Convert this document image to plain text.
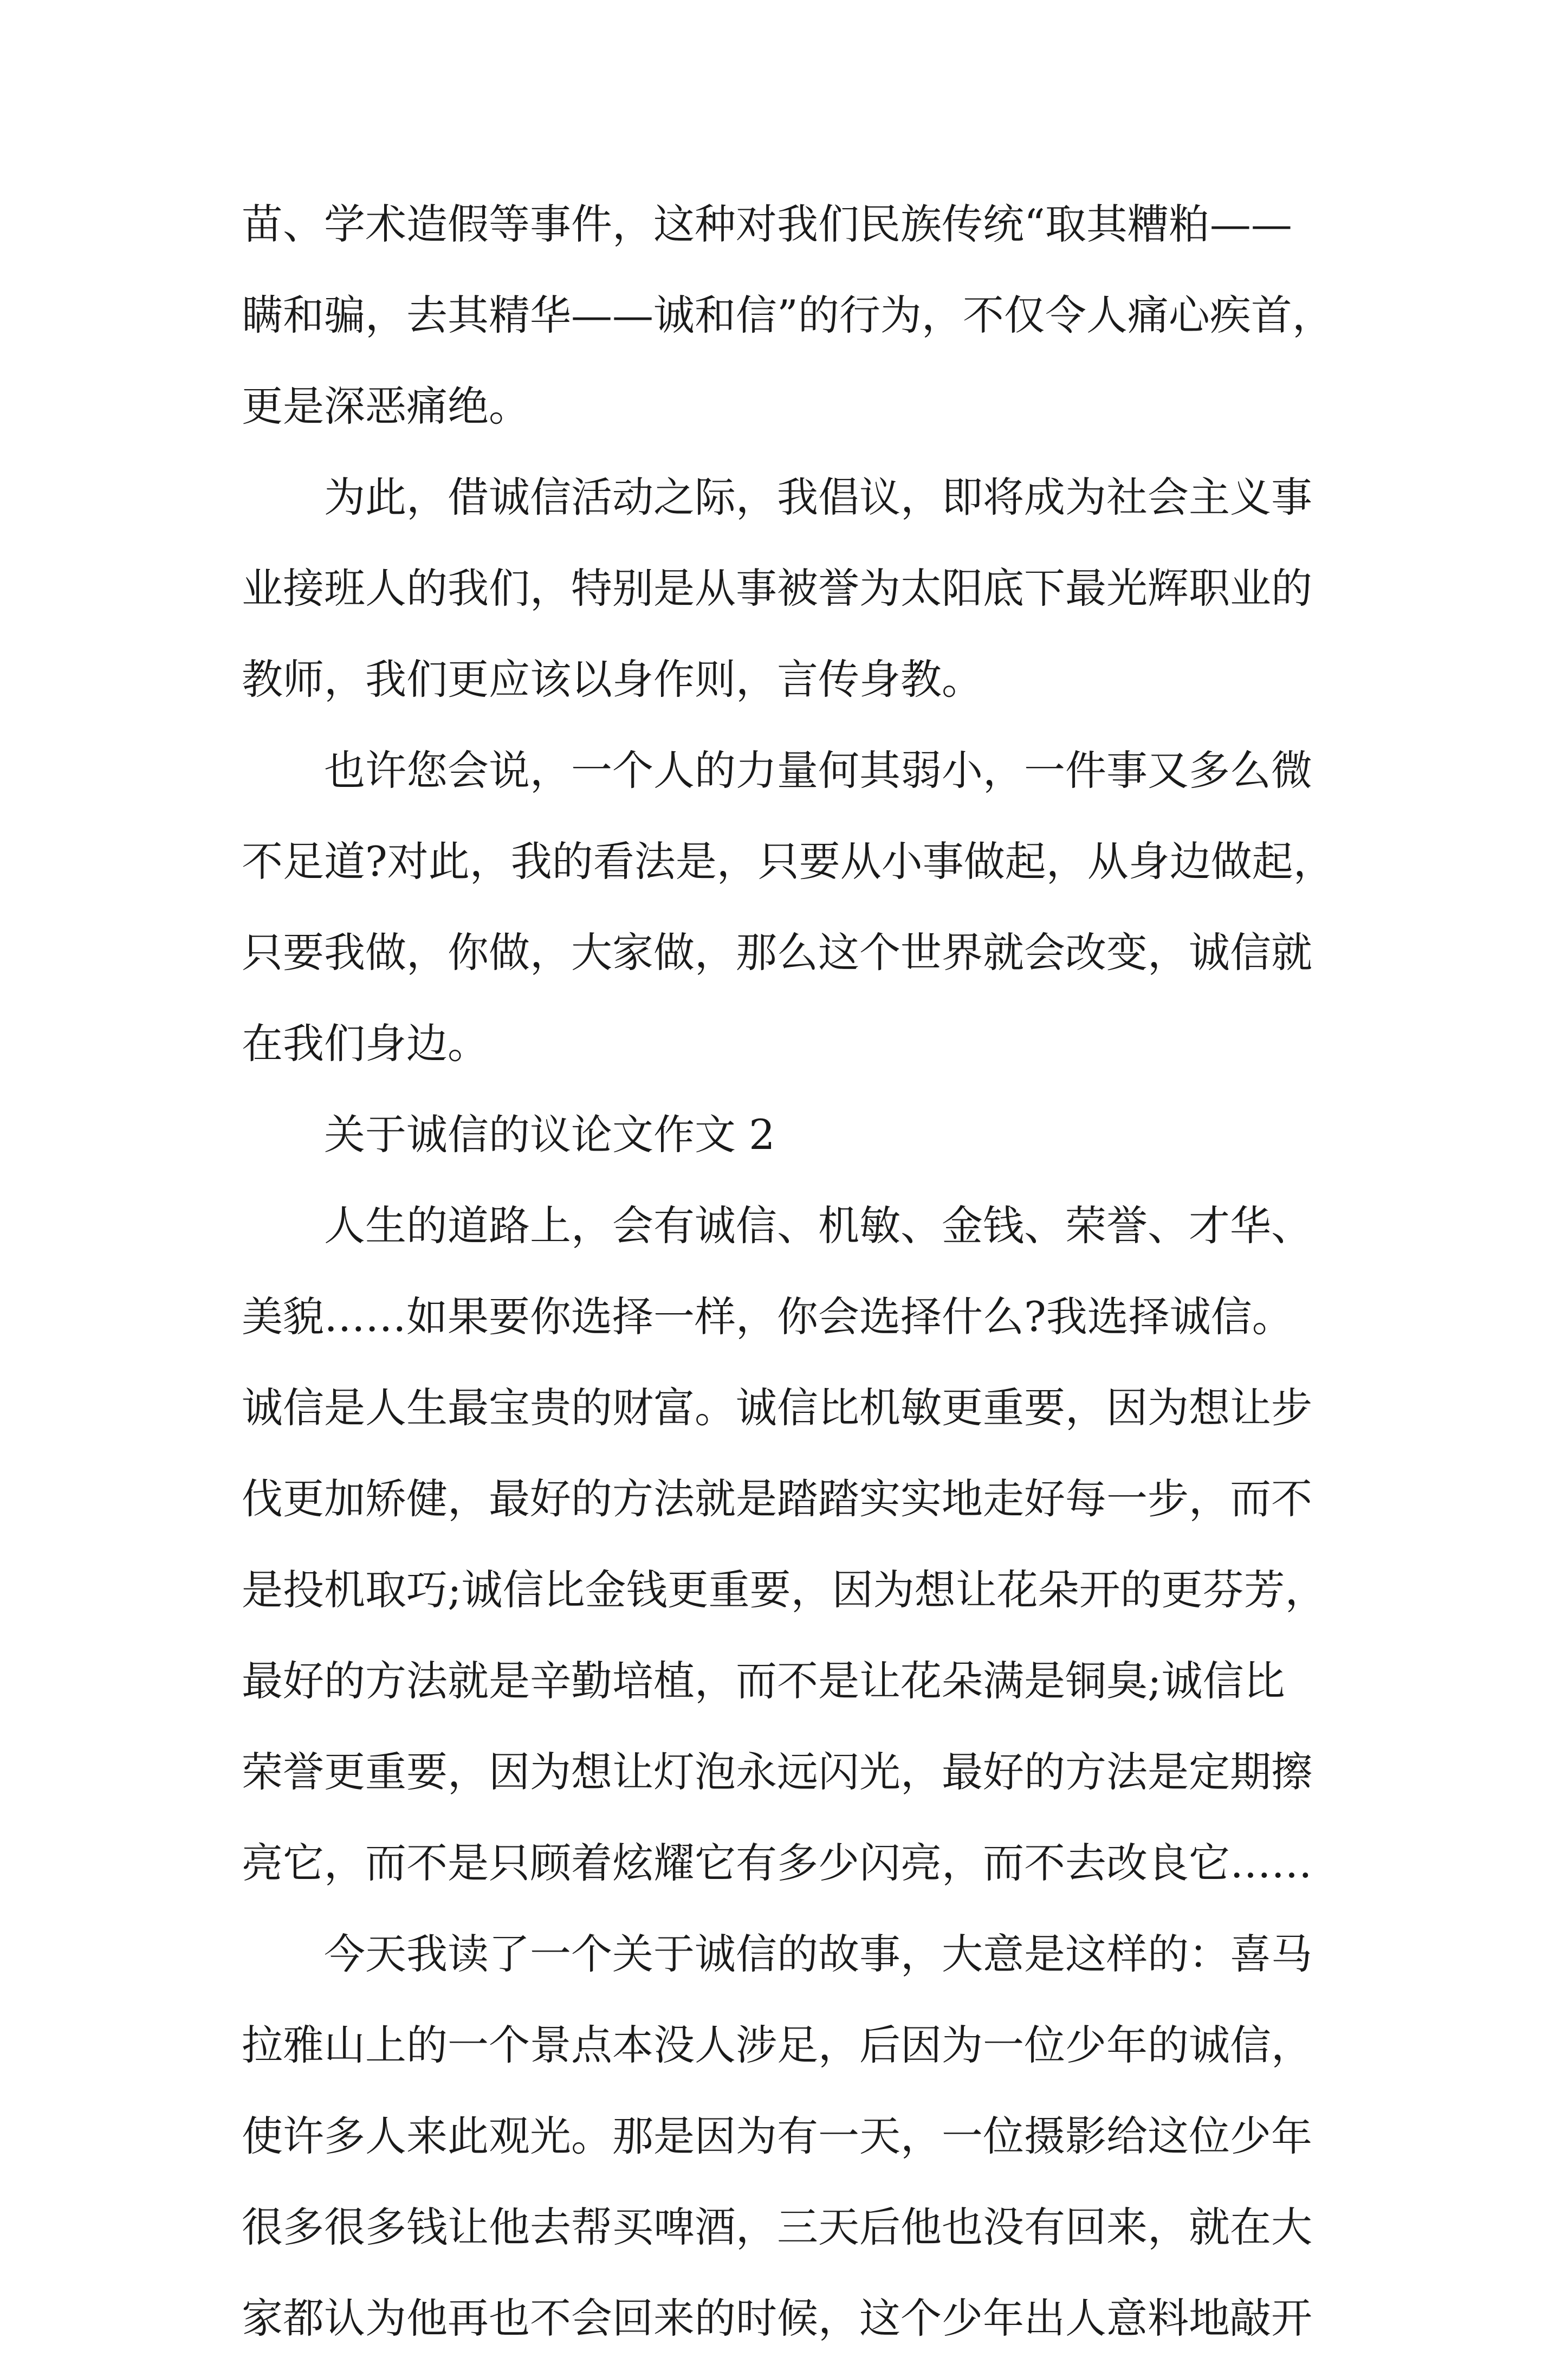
苗、学术造假等事件，这种对我们民族传统“取其糟粕——
瞒和骗，去其精华——诚和信”的行为，不仅令人痛心疾首，
更是深恶痛绝。
为此，借诚信活动之际，我倡议，即将成为社会主义事
业接班人的我们，特别是从事被誉为太阳底下最光辉职业的
教师，我们更应该以身作则，言传身教。
也许您会说，一个人的力量何其弱小，一件事又多么微
不足道?对此，我的看法是，只要从小事做起，从身边做起，
只要我做，你做，大家做，那么这个世界就会改变，诚信就
在我们身边。
关于诚信的议论文作文 2
人生的道路上，会有诚信、机敏、金钱、荣誉、才华、
美貌……如果要你选择一样，你会选择什么?我选择诚信。
诚信是人生最宝贵的财富。诚信比机敏更重要，因为想让步
伐更加矫健，最好的方法就是踏踏实实地走好每一步，而不
是投机取巧;诚信比金钱更重要，因为想让花朵开的更芬芳，
最好的方法就是辛勤培植，而不是让花朵满是铜臭;诚信比
荣誉更重要，因为想让灯泡永远闪光，最好的方法是定期擦
亮它，而不是只顾着炫耀它有多少闪亮，而不去改良它……
今天我读了一个关于诚信的故事，大意是这样的：喜马
拉雅山上的一个景点本没人涉足，后因为一位少年的诚信，
使许多人来此观光。那是因为有一天，一位摄影给这位少年
很多很多钱让他去帮买啤酒，三天后他也没有回来，就在大
家都认为他再也不会回来的时候，这个少年出人意料地敲开
